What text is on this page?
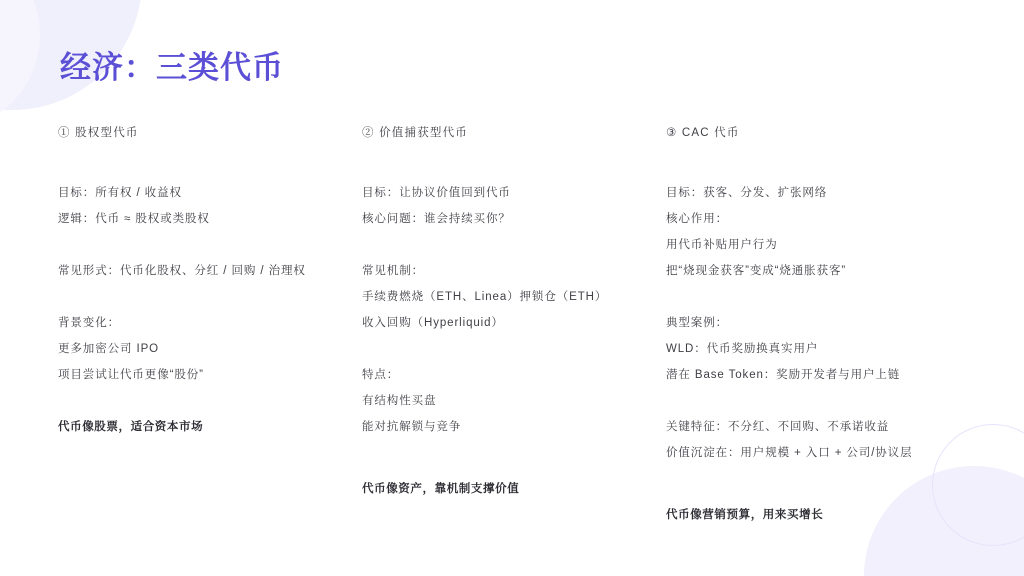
经济：三类代币
① 股权型代币
目标：所有权 / 收益权
逻辑：代币 ≈ 股权或类股权
常见形式：代币化股权、分红 / 回购 / 治理权
背景变化：
更多加密公司 IPO
项目尝试让代币更像“股份”
代币像股票，适合资本市场
② 价值捕获型代币
目标：让协议价值回到代币
核心问题：谁会持续买你？
常见机制：
手续费燃烧（ETH、Linea）押锁仓（ETH）
收入回购（Hyperliquid）
特点：
有结构性买盘
能对抗解锁与竞争
代币像资产，靠机制支撑价值
③ CAC 代币
目标：获客、分发、扩张网络
核心作用：
用代币补贴用户行为
把“烧现金获客”变成“烧通胀获客”
典型案例：
WLD：代币奖励换真实用户
潜在 Base Token：奖励开发者与用户上链
关键特征：不分红、不回购、不承诺收益
价值沉淀在：用户规模 + 入口 + 公司/协议层
代币像营销预算，用来买增长
